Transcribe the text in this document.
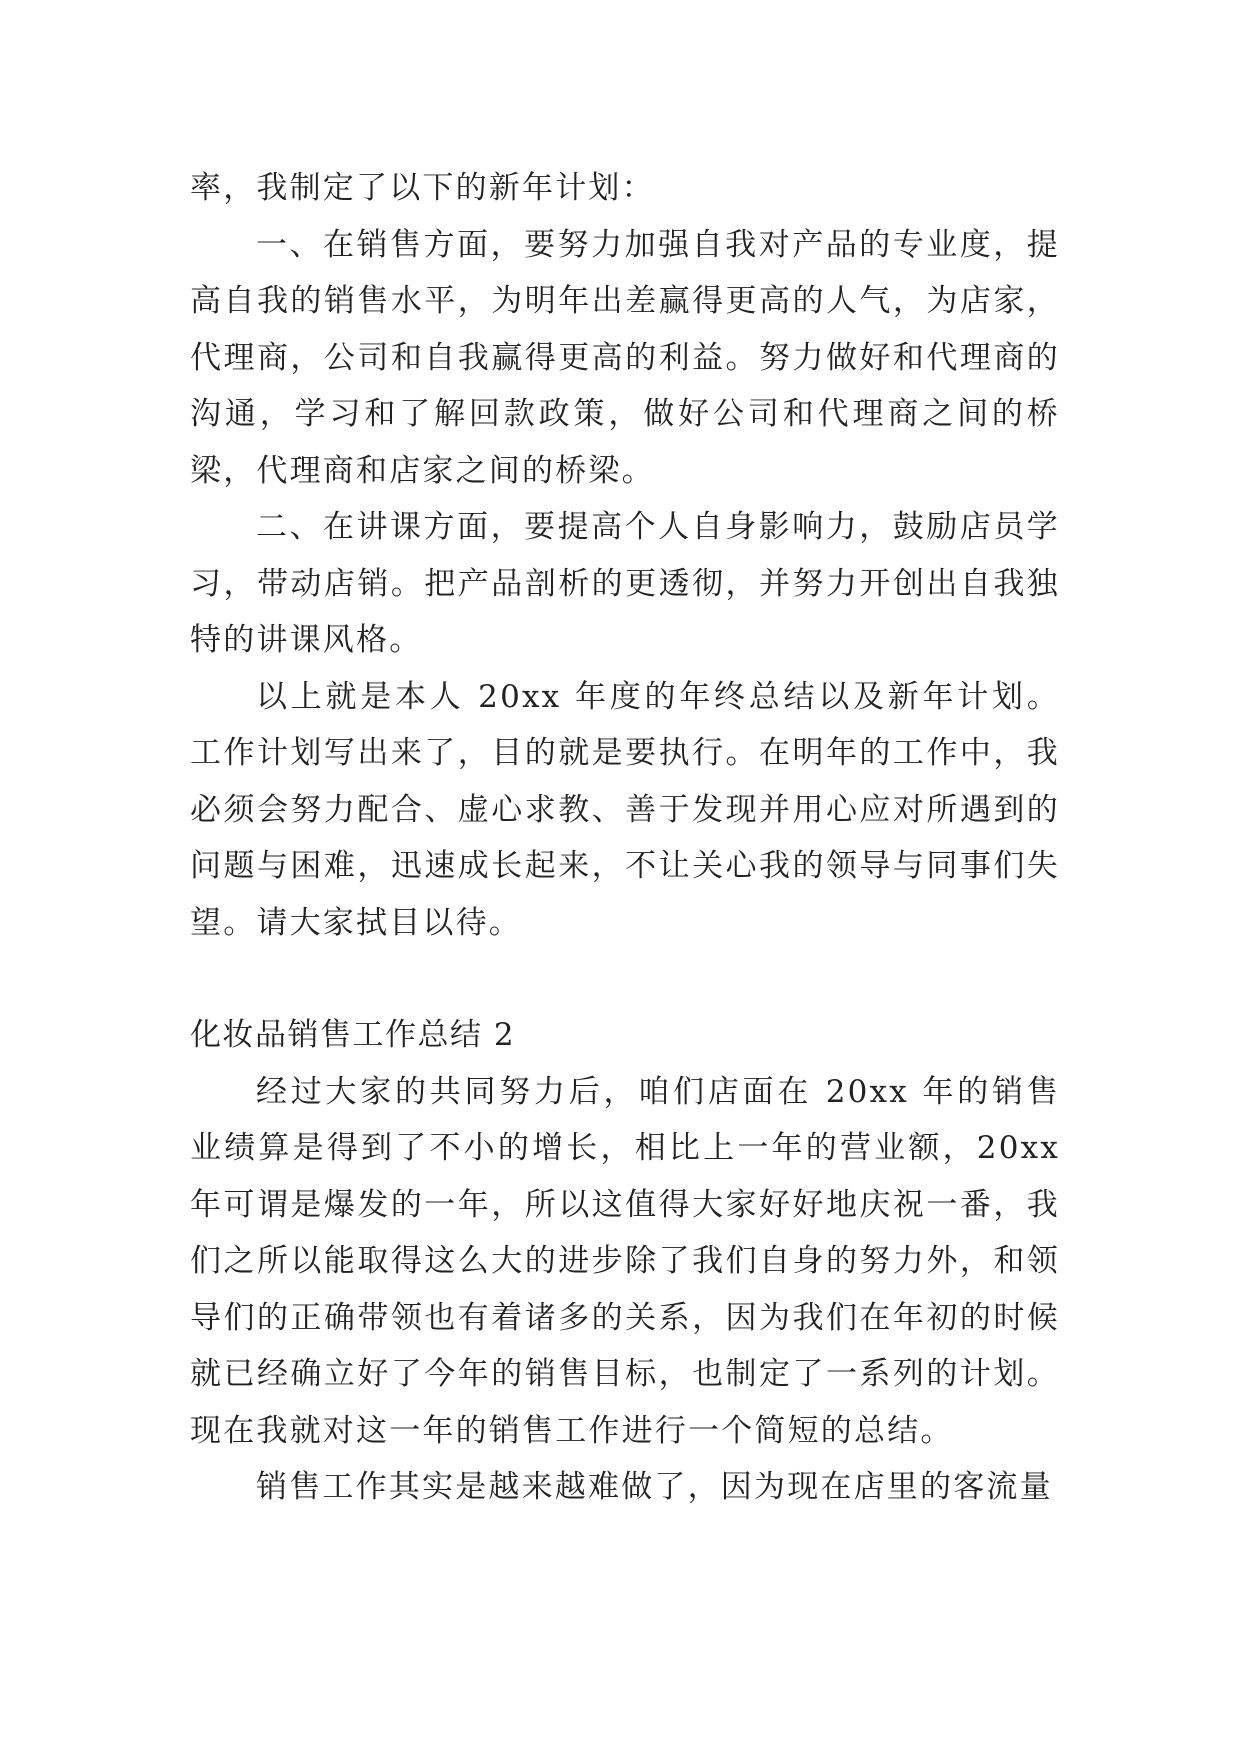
率，我制定了以下的新年计划：

一、在销售方面，要努力加强自我对产品的专业度，提高自我的销售水平，为明年出差赢得更高的人气，为店家，代理商，公司和自我赢得更高的利益。努力做好和代理商的沟通，学习和了解回款政策，做好公司和代理商之间的桥梁，代理商和店家之间的桥梁。

二、在讲课方面，要提高个人自身影响力，鼓励店员学习，带动店销。把产品剖析的更透彻，并努力开创出自我独特的讲课风格。

以上就是本人 20xx 年度的年终总结以及新年计划。工作计划写出来了，目的就是要执行。在明年的工作中，我必须会努力配合、虚心求教、善于发现并用心应对所遇到的问题与困难，迅速成长起来，不让关心我的领导与同事们失望。请大家拭目以待。

化妆品销售工作总结 2

经过大家的共同努力后，咱们店面在 20xx 年的销售业绩算是得到了不小的增长，相比上一年的营业额，20xx 年可谓是爆发的一年，所以这值得大家好好地庆祝一番，我们之所以能取得这么大的进步除了我们自身的努力外，和领导们的正确带领也有着诸多的关系，因为我们在年初的时候就已经确立好了今年的销售目标，也制定了一系列的计划。现在我就对这一年的销售工作进行一个简短的总结。

销售工作其实是越来越难做了，因为现在店里的客流量
